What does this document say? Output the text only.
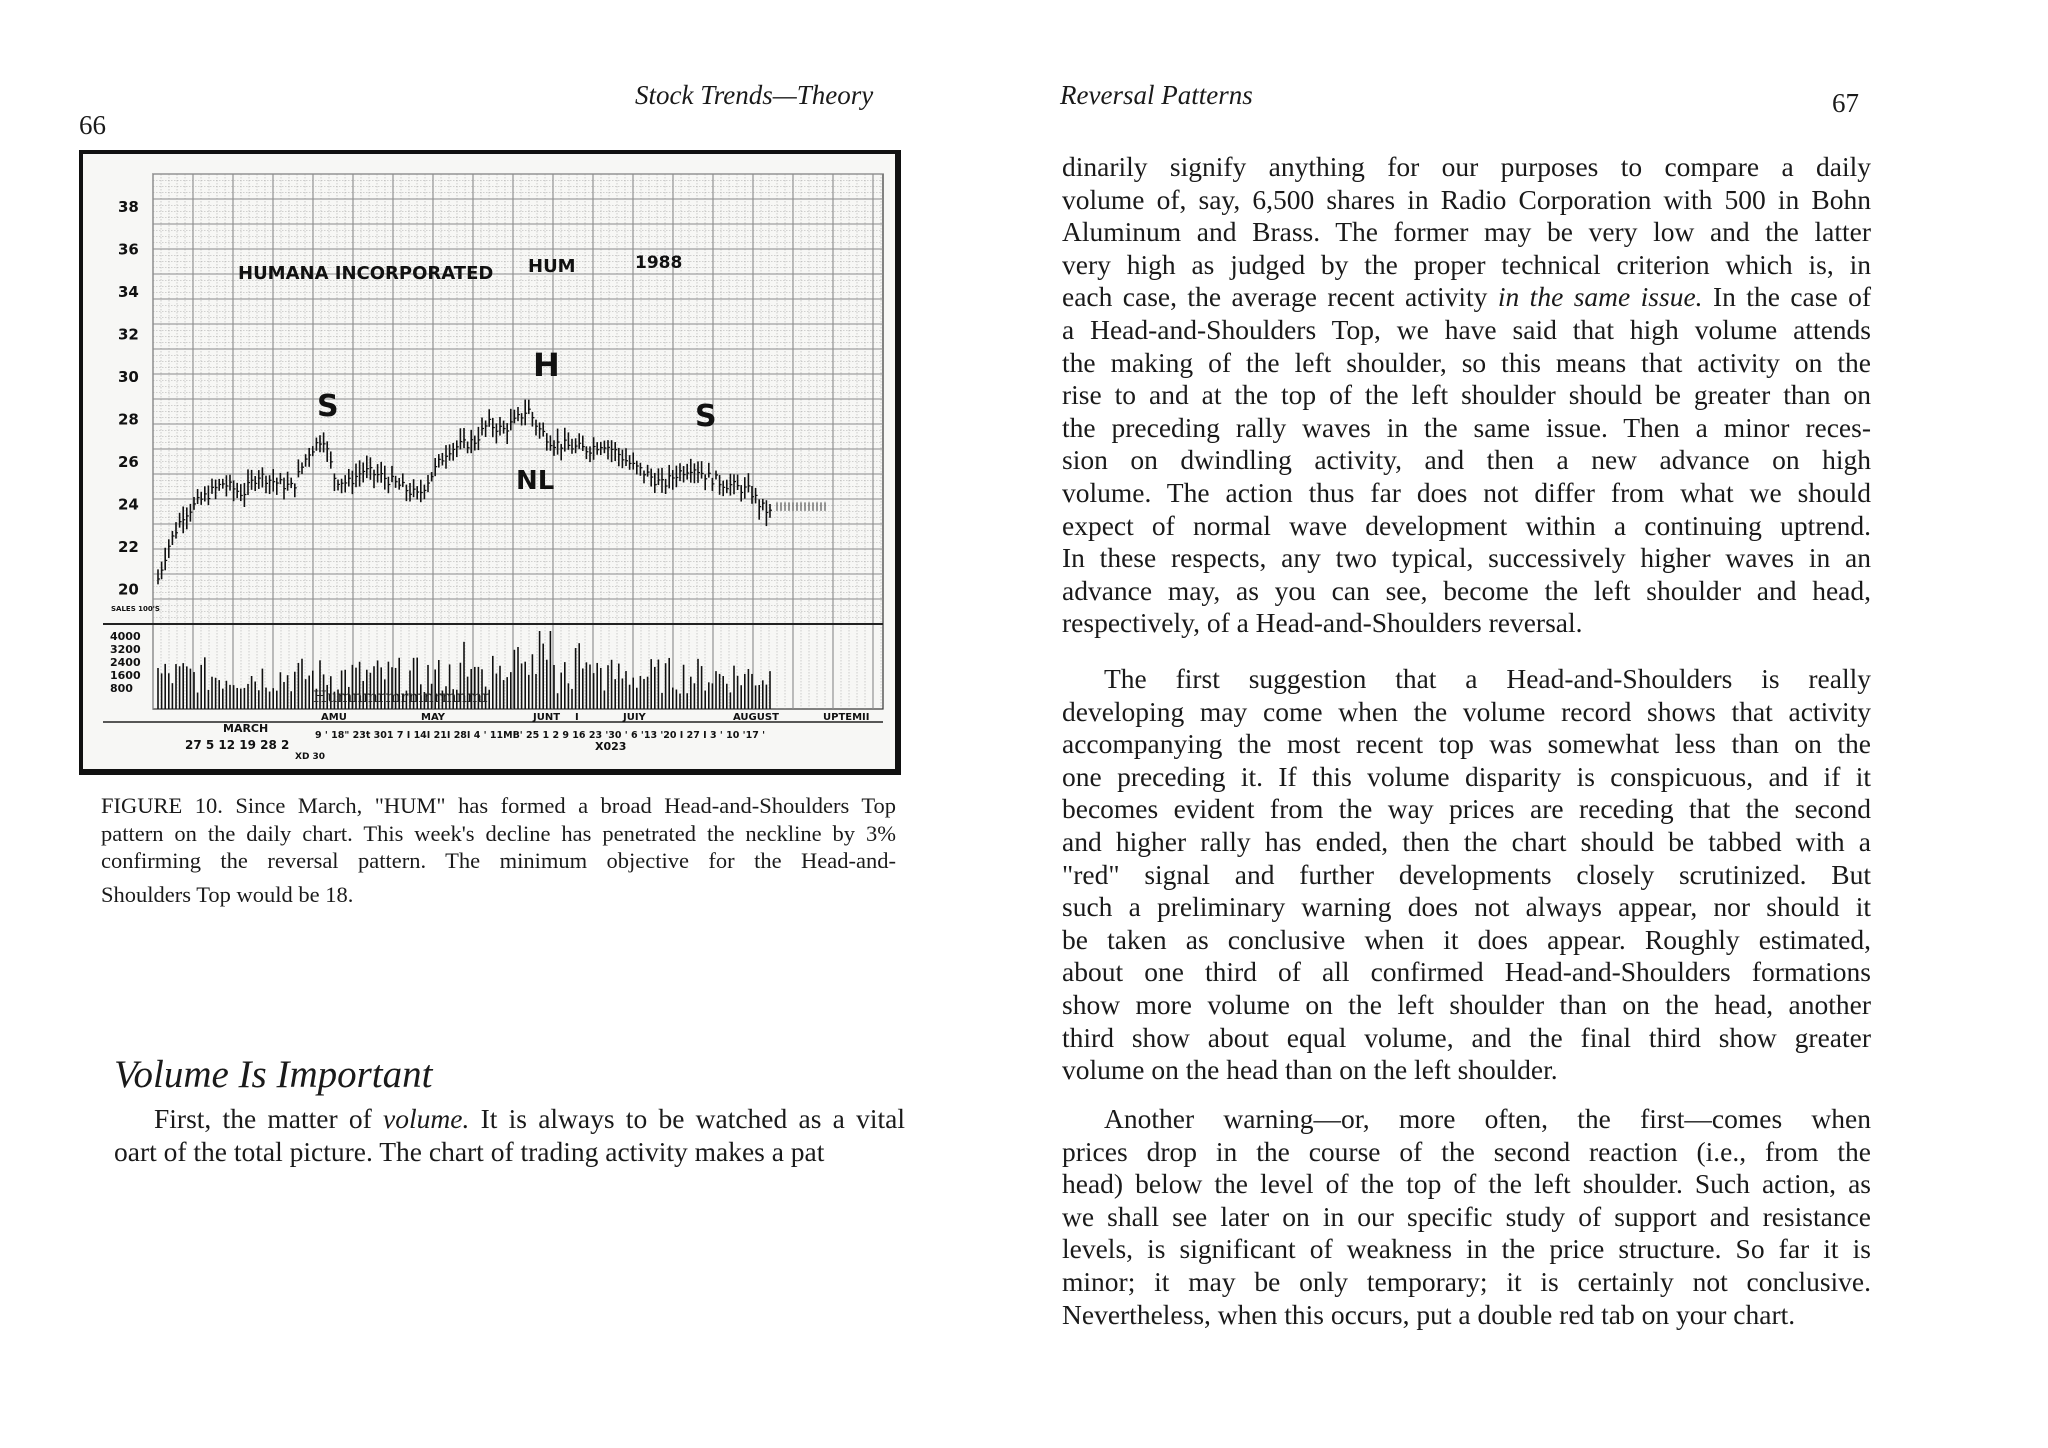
66
Stock Trends—Theory
38
36
34
32
30
28
26
24
22
20
4000
3200
2400
1600
800
AMU	MAY	JUNT I	JUIY	AUGUST	UPTEMII
HUMANA INCORPORATED HUM	1988
S
H
S
NL
Humnmrmrmnrmnmr
9 ' 18" 23t 301 7 I 14I 21I 28I 4 ' 11MB' 25 1 2 9 16 23 '30 ' 6 '13 '20 I 27 I 3 ' 10 '17 '
X023
MARCH
27 5 12 19 28 2
XD 30
SALES 100'S
FIGURE 10. Since March, "HUM" has formed a broad Head-and-Shoulders Top
pattern on the daily chart. This week's decline has penetrated the neckline by 3%
confirming the reversal pattern. The minimum objective for the Head-and-
Shoulders Top would be 18.
Volume Is Important
First, the matter of volume. It is always to be watched as a vital
oart of the total picture. The chart of trading activity makes a pat
Reversal Patterns	67
dinarily signify anything for our purposes to compare a daily
volume of, say, 6,500 shares in Radio Corporation with 500 in Bohn
Aluminum and Brass. The former may be very low and the latter
very high as judged by the proper technical criterion which is, in
each case, the average recent activity in the same issue. In the case of
a Head-and-Shoulders Top, we have said that high volume attends
the making of the left shoulder, so this means that activity on the
rise to and at the top of the left shoulder should be greater than on
the preceding rally waves in the same issue. Then a minor reces-
sion on dwindling activity, and then a new advance on high
volume. The action thus far does not differ from what we should
expect of normal wave development within a continuing uptrend.
In these respects, any two typical, successively higher waves in an
advance may, as you can see, become the left shoulder and head,
respectively, of a Head-and-Shoulders reversal.
The first suggestion that a Head-and-Shoulders is really
developing may come when the volume record shows that activity
accompanying the most recent top was somewhat less than on the
one preceding it. If this volume disparity is conspicuous, and if it
becomes evident from the way prices are receding that the second
and higher rally has ended, then the chart should be tabbed with a
"red" signal and further developments closely scrutinized. But
such a preliminary warning does not always appear, nor should it
be taken as conclusive when it does appear. Roughly estimated,
about one third of all confirmed Head-and-Shoulders formations
show more volume on the left shoulder than on the head, another
third show about equal volume, and the final third show greater
volume on the head than on the left shoulder.
Another warning—or, more often, the first—comes when
prices drop in the course of the second reaction (i.e., from the
head) below the level of the top of the left shoulder. Such action, as
we shall see later on in our specific study of support and resistance
levels, is significant of weakness in the price structure. So far it is
minor; it may be only temporary; it is certainly not conclusive.
Nevertheless, when this occurs, put a double red tab on your chart.
